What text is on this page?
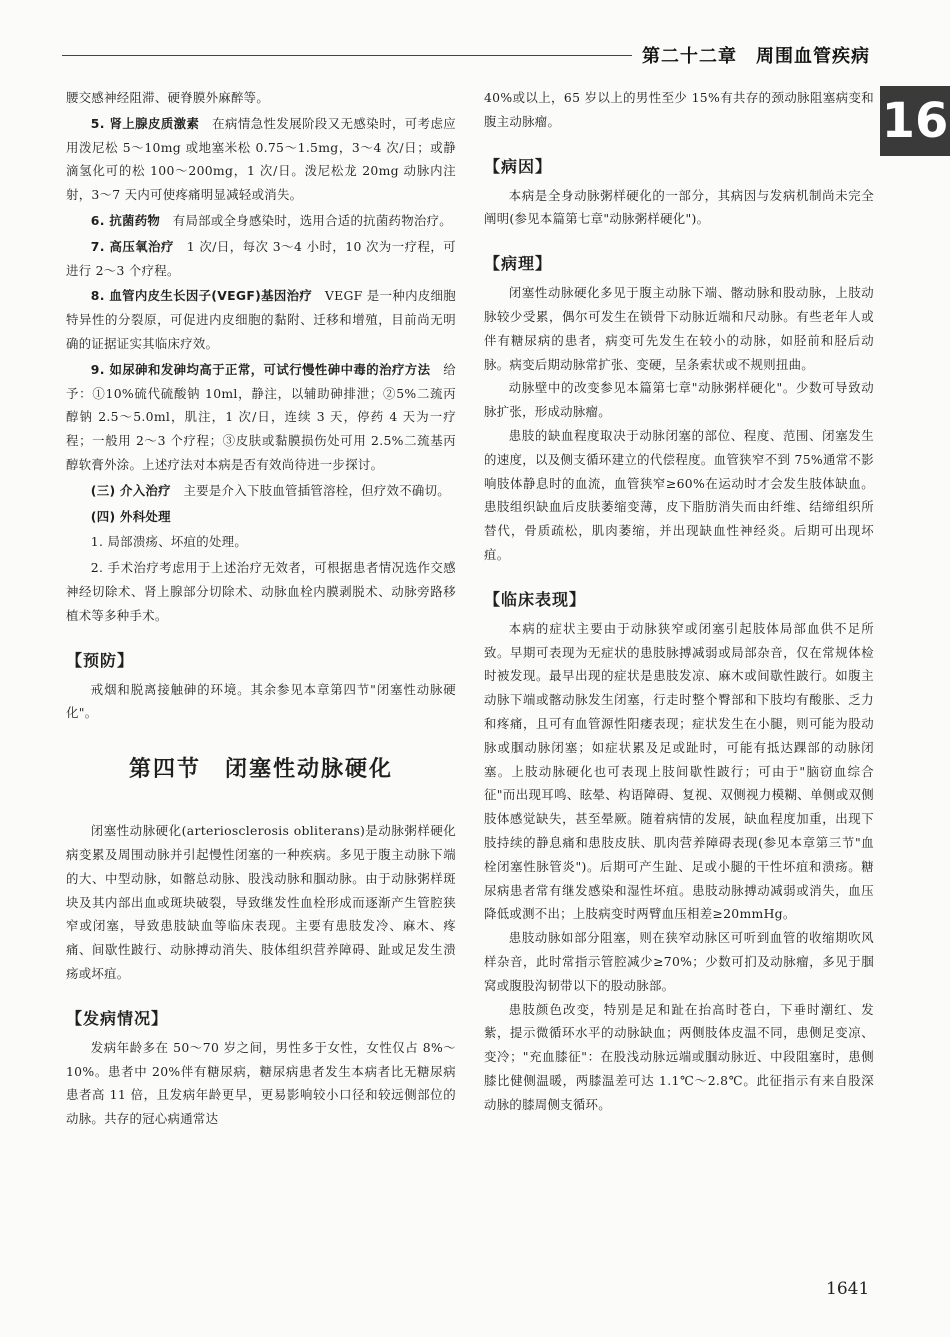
第二十二章　周围血管疾病
16

腰交感神经阻滞、硬脊膜外麻醉等。

5. 肾上腺皮质激素　在病情急性发展阶段又无感染时，可考虑应用泼尼松 5～10mg 或地塞米松 0.75～1.5mg，3～4 次/日；或静滴氢化可的松 100～200mg，1 次/日。泼尼松龙 20mg 动脉内注射，3～7 天内可使疼痛明显减轻或消失。

6. 抗菌药物　有局部或全身感染时，选用合适的抗菌药物治疗。

7. 高压氧治疗　1 次/日，每次 3～4 小时，10 次为一疗程，可进行 2～3 个疗程。

8. 血管内皮生长因子(VEGF)基因治疗　VEGF 是一种内皮细胞特异性的分裂原，可促进内皮细胞的黏附、迁移和增殖，目前尚无明确的证据证实其临床疗效。

9. 如尿砷和发砷均高于正常，可试行慢性砷中毒的治疗方法　给予：①10%硫代硫酸钠 10ml，静注，以辅助砷排泄；②5%二巯丙醇钠 2.5～5.0ml，肌注，1 次/日，连续 3 天，停药 4 天为一疗程；一般用 2～3 个疗程；③皮肤或黏膜损伤处可用 2.5%二巯基丙醇软膏外涂。上述疗法对本病是否有效尚待进一步探讨。

(三) 介入治疗　主要是介入下肢血管插管溶栓，但疗效不确切。

(四) 外科处理

1. 局部溃疡、坏疽的处理。

2. 手术治疗考虑用于上述治疗无效者，可根据患者情况选作交感神经切除术、肾上腺部分切除术、动脉血栓内膜剥脱术、动脉旁路移植术等多种手术。

【预防】

戒烟和脱离接触砷的环境。其余参见本章第四节"闭塞性动脉硬化"。

第四节　闭塞性动脉硬化

闭塞性动脉硬化(arteriosclerosis obliterans)是动脉粥样硬化病变累及周围动脉并引起慢性闭塞的一种疾病。多见于腹主动脉下端的大、中型动脉，如髂总动脉、股浅动脉和腘动脉。由于动脉粥样斑块及其内部出血或斑块破裂，导致继发性血栓形成而逐渐产生管腔狭窄或闭塞，导致患肢缺血等临床表现。主要有患肢发冷、麻木、疼痛、间歇性跛行、动脉搏动消失、肢体组织营养障碍、趾或足发生溃疡或坏疽。

【发病情况】

发病年龄多在 50～70 岁之间，男性多于女性，女性仅占 8%～10%。患者中 20%伴有糖尿病，糖尿病患者发生本病者比无糖尿病患者高 11 倍，且发病年龄更早，更易影响较小口径和较远侧部位的动脉。共存的冠心病通常达

40%或以上，65 岁以上的男性至少 15%有共存的颈动脉阻塞病变和腹主动脉瘤。

【病因】

本病是全身动脉粥样硬化的一部分，其病因与发病机制尚未完全阐明(参见本篇第七章"动脉粥样硬化")。

【病理】

闭塞性动脉硬化多见于腹主动脉下端、髂动脉和股动脉，上肢动脉较少受累，偶尔可发生在锁骨下动脉近端和尺动脉。有些老年人或伴有糖尿病的患者，病变可先发生在较小的动脉，如胫前和胫后动脉。病变后期动脉常扩张、变硬，呈条索状或不规则扭曲。

动脉壁中的改变参见本篇第七章"动脉粥样硬化"。少数可导致动脉扩张，形成动脉瘤。

患肢的缺血程度取决于动脉闭塞的部位、程度、范围、闭塞发生的速度，以及侧支循环建立的代偿程度。血管狭窄不到 75%通常不影响肢体静息时的血流，血管狭窄≥60%在运动时才会发生肢体缺血。患肢组织缺血后皮肤萎缩变薄，皮下脂肪消失而由纤维、结缔组织所替代，骨质疏松，肌肉萎缩，并出现缺血性神经炎。后期可出现坏疽。

【临床表现】

本病的症状主要由于动脉狭窄或闭塞引起肢体局部血供不足所致。早期可表现为无症状的患肢脉搏减弱或局部杂音，仅在常规体检时被发现。最早出现的症状是患肢发凉、麻木或间歇性跛行。如腹主动脉下端或髂动脉发生闭塞，行走时整个臀部和下肢均有酸胀、乏力和疼痛，且可有血管源性阳痿表现；症状发生在小腿，则可能为股动脉或腘动脉闭塞；如症状累及足或趾时，可能有抵达踝部的动脉闭塞。上肢动脉硬化也可表现上肢间歇性跛行；可由于"脑窃血综合征"而出现耳鸣、眩晕、构语障碍、复视、双侧视力模糊、单侧或双侧肢体感觉缺失，甚至晕厥。随着病情的发展，缺血程度加重，出现下肢持续的静息痛和患肢皮肤、肌肉营养障碍表现(参见本章第三节"血栓闭塞性脉管炎")。后期可产生趾、足或小腿的干性坏疽和溃疡。糖尿病患者常有继发感染和湿性坏疽。患肢动脉搏动减弱或消失，血压降低或测不出；上肢病变时两臂血压相差≥20mmHg。

患肢动脉如部分阻塞，则在狭窄动脉区可听到血管的收缩期吹风样杂音，此时常指示管腔减少≥70%；少数可扪及动脉瘤，多见于腘窝或腹股沟韧带以下的股动脉部。

患肢颜色改变，特别是足和趾在抬高时苍白，下垂时潮红、发紫，提示微循环水平的动脉缺血；两侧肢体皮温不同，患侧足变凉、变冷；"充血膝征"：在股浅动脉远端或腘动脉近、中段阻塞时，患侧膝比健侧温暖，两膝温差可达 1.1℃～2.8℃。此征指示有来自股深动脉的膝周侧支循环。

1641
